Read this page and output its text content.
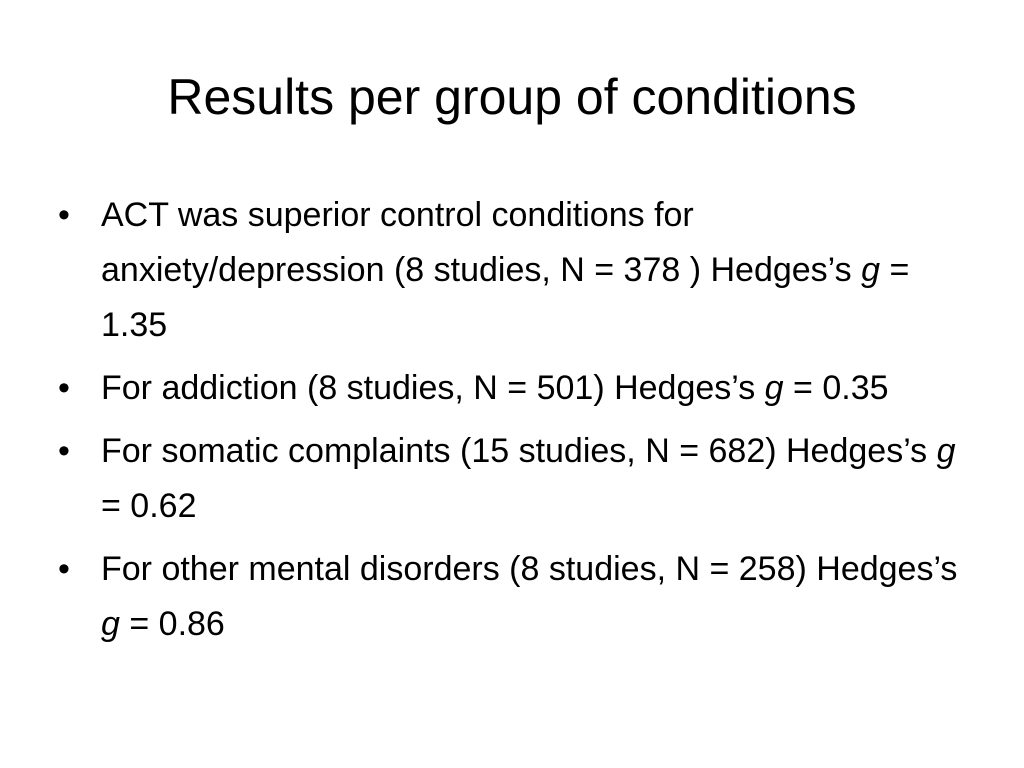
Results per group of conditions
• ACT was superior control conditions for anxiety/depression (8 studies, N = 378 ) Hedges’s g = 1.35
• For addiction (8 studies, N = 501) Hedges’s g = 0.35
• For somatic complaints (15 studies, N = 682) Hedges’s g = 0.62
• For other mental disorders (8 studies, N = 258) Hedges’s g = 0.86
